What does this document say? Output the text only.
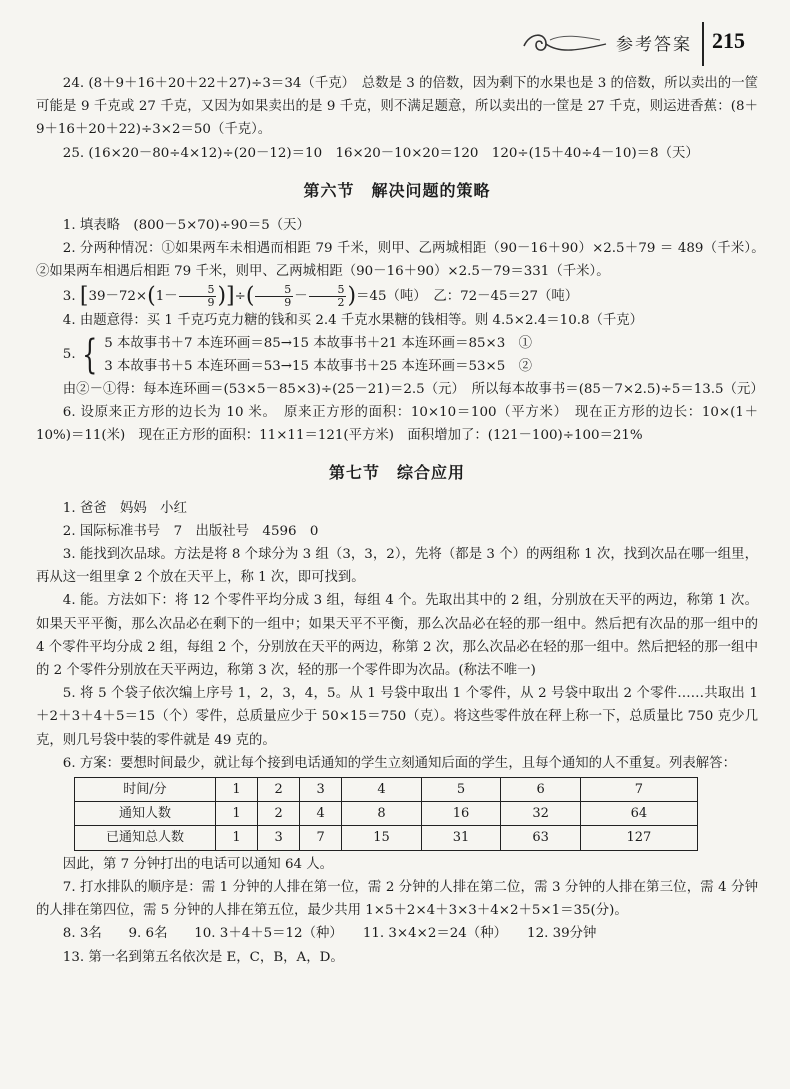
参考答案 215

24. (8＋9＋16＋20＋22＋27)÷3＝34（千克）　总数是 3 的倍数，因为剩下的水果也是 3 的倍数，所以卖出的一筐可能是 9 千克或 27 千克，又因为如果卖出的是 9 千克，则不满足题意，所以卖出的一筐是 27 千克，则运进香蕉：(8＋9＋16＋20＋22)÷3×2＝50（千克）。

25. (16×20－80÷4×12)÷(20－12)＝10　16×20－10×20＝120　120÷(15＋40÷4－10)＝8（天）

第六节　解决问题的策略

1. 填表略　(800－5×70)÷90＝5（天）

2. 分两种情况：①如果两车未相遇而相距 79 千米，则甲、乙两城相距（90－16＋90）×2.5＋79 ＝ 489（千米）。　②如果两车相遇后相距 79 千米，则甲、乙两城相距（90－16＋90）×2.5－79＝331（千米）。

3. [$39-72\times(1- \frac{5}{9}$ )]÷( $\frac{5}{9} - \frac{5}{2} )=45$（吨）　乙：72－45＝27（吨）

4. 由题意得：买 1 千克巧克力糖的钱和买 2.4 千克水果糖的钱相等。则 4.5×2.4＝10.8（千克）

5. { 5 本故事书＋7 本连环画＝85→15 本故事书＋21 本连环画＝85×3　①
3 本故事书＋5 本连环画＝53→15 本故事书＋25 本连环画＝53×5　②

由②－①得：每本连环画＝(53×5－85×3)÷(25－21)＝2.5（元）　所以每本故事书＝(85－7×2.5)÷5＝13.5（元）

6. 设原来正方形的边长为 10 米。　原来正方形的面积：10×10＝100（平方米）　现在正方形的边长：10×(1＋10%)＝11(米)　现在正方形的面积：11×11＝121(平方米)　面积增加了：(121－100)÷100＝21%

第七节　综合应用

1. 爸爸　妈妈　小红

2. 国际标准书号　7　出版社号　4596　0

3. 能找到次品球。方法是将 8 个球分为 3 组（3，3，2），先将（都是 3 个）的两组称 1 次，找到次品在哪一组里，再从这一组里拿 2 个放在天平上，称 1 次，即可找到。

4. 能。方法如下：将 12 个零件平均分成 3 组，每组 4 个。先取出其中的 2 组，分别放在天平的两边，称第 1 次。如果天平平衡，那么次品必在剩下的一组中；如果天平不平衡，那么次品必在轻的那一组中。然后把有次品的那一组中的 4 个零件平均分成 2 组，每组 2 个，分别放在天平的两边，称第 2 次，那么次品必在轻的那一组中。然后把轻的那一组中的 2 个零件分别放在天平两边，称第 3 次，轻的那一个零件即为次品。(称法不唯一)

5. 将 5 个袋子依次编上序号 1，2，3，4，5。从 1 号袋中取出 1 个零件，从 2 号袋中取出 2 个零件……共取出 1＋2＋3＋4＋5＝15（个）零件，总质量应少于 50×15＝750（克）。将这些零件放在秤上称一下，总质量比 750 克少几克，则几号袋中装的零件就是 49 克的。

6. 方案：要想时间最少，就让每个接到电话通知的学生立刻通知后面的学生，且每个通知的人不重复。列表解答：

时间/分	1	2	3	4	5	6	7
通知人数	1	2	4	8	16	32	64
已通知总人数	1	3	7	15	31	63	127

因此，第 7 分钟打出的电话可以通知 64 人。

7. 打水排队的顺序是：需 1 分钟的人排在第一位，需 2 分钟的人排在第二位，需 3 分钟的人排在第三位，需 4 分钟的人排在第四位，需 5 分钟的人排在第五位，最少共用 1×5＋2×4＋3×3＋4×2＋5×1＝35(分)。

8. 3名　　9. 6名　　10. 3＋4＋5＝12（种）　　11. 3×4×2＝24（种）　　12. 39分钟

13. 第一名到第五名依次是 E，C，B，A，D。
